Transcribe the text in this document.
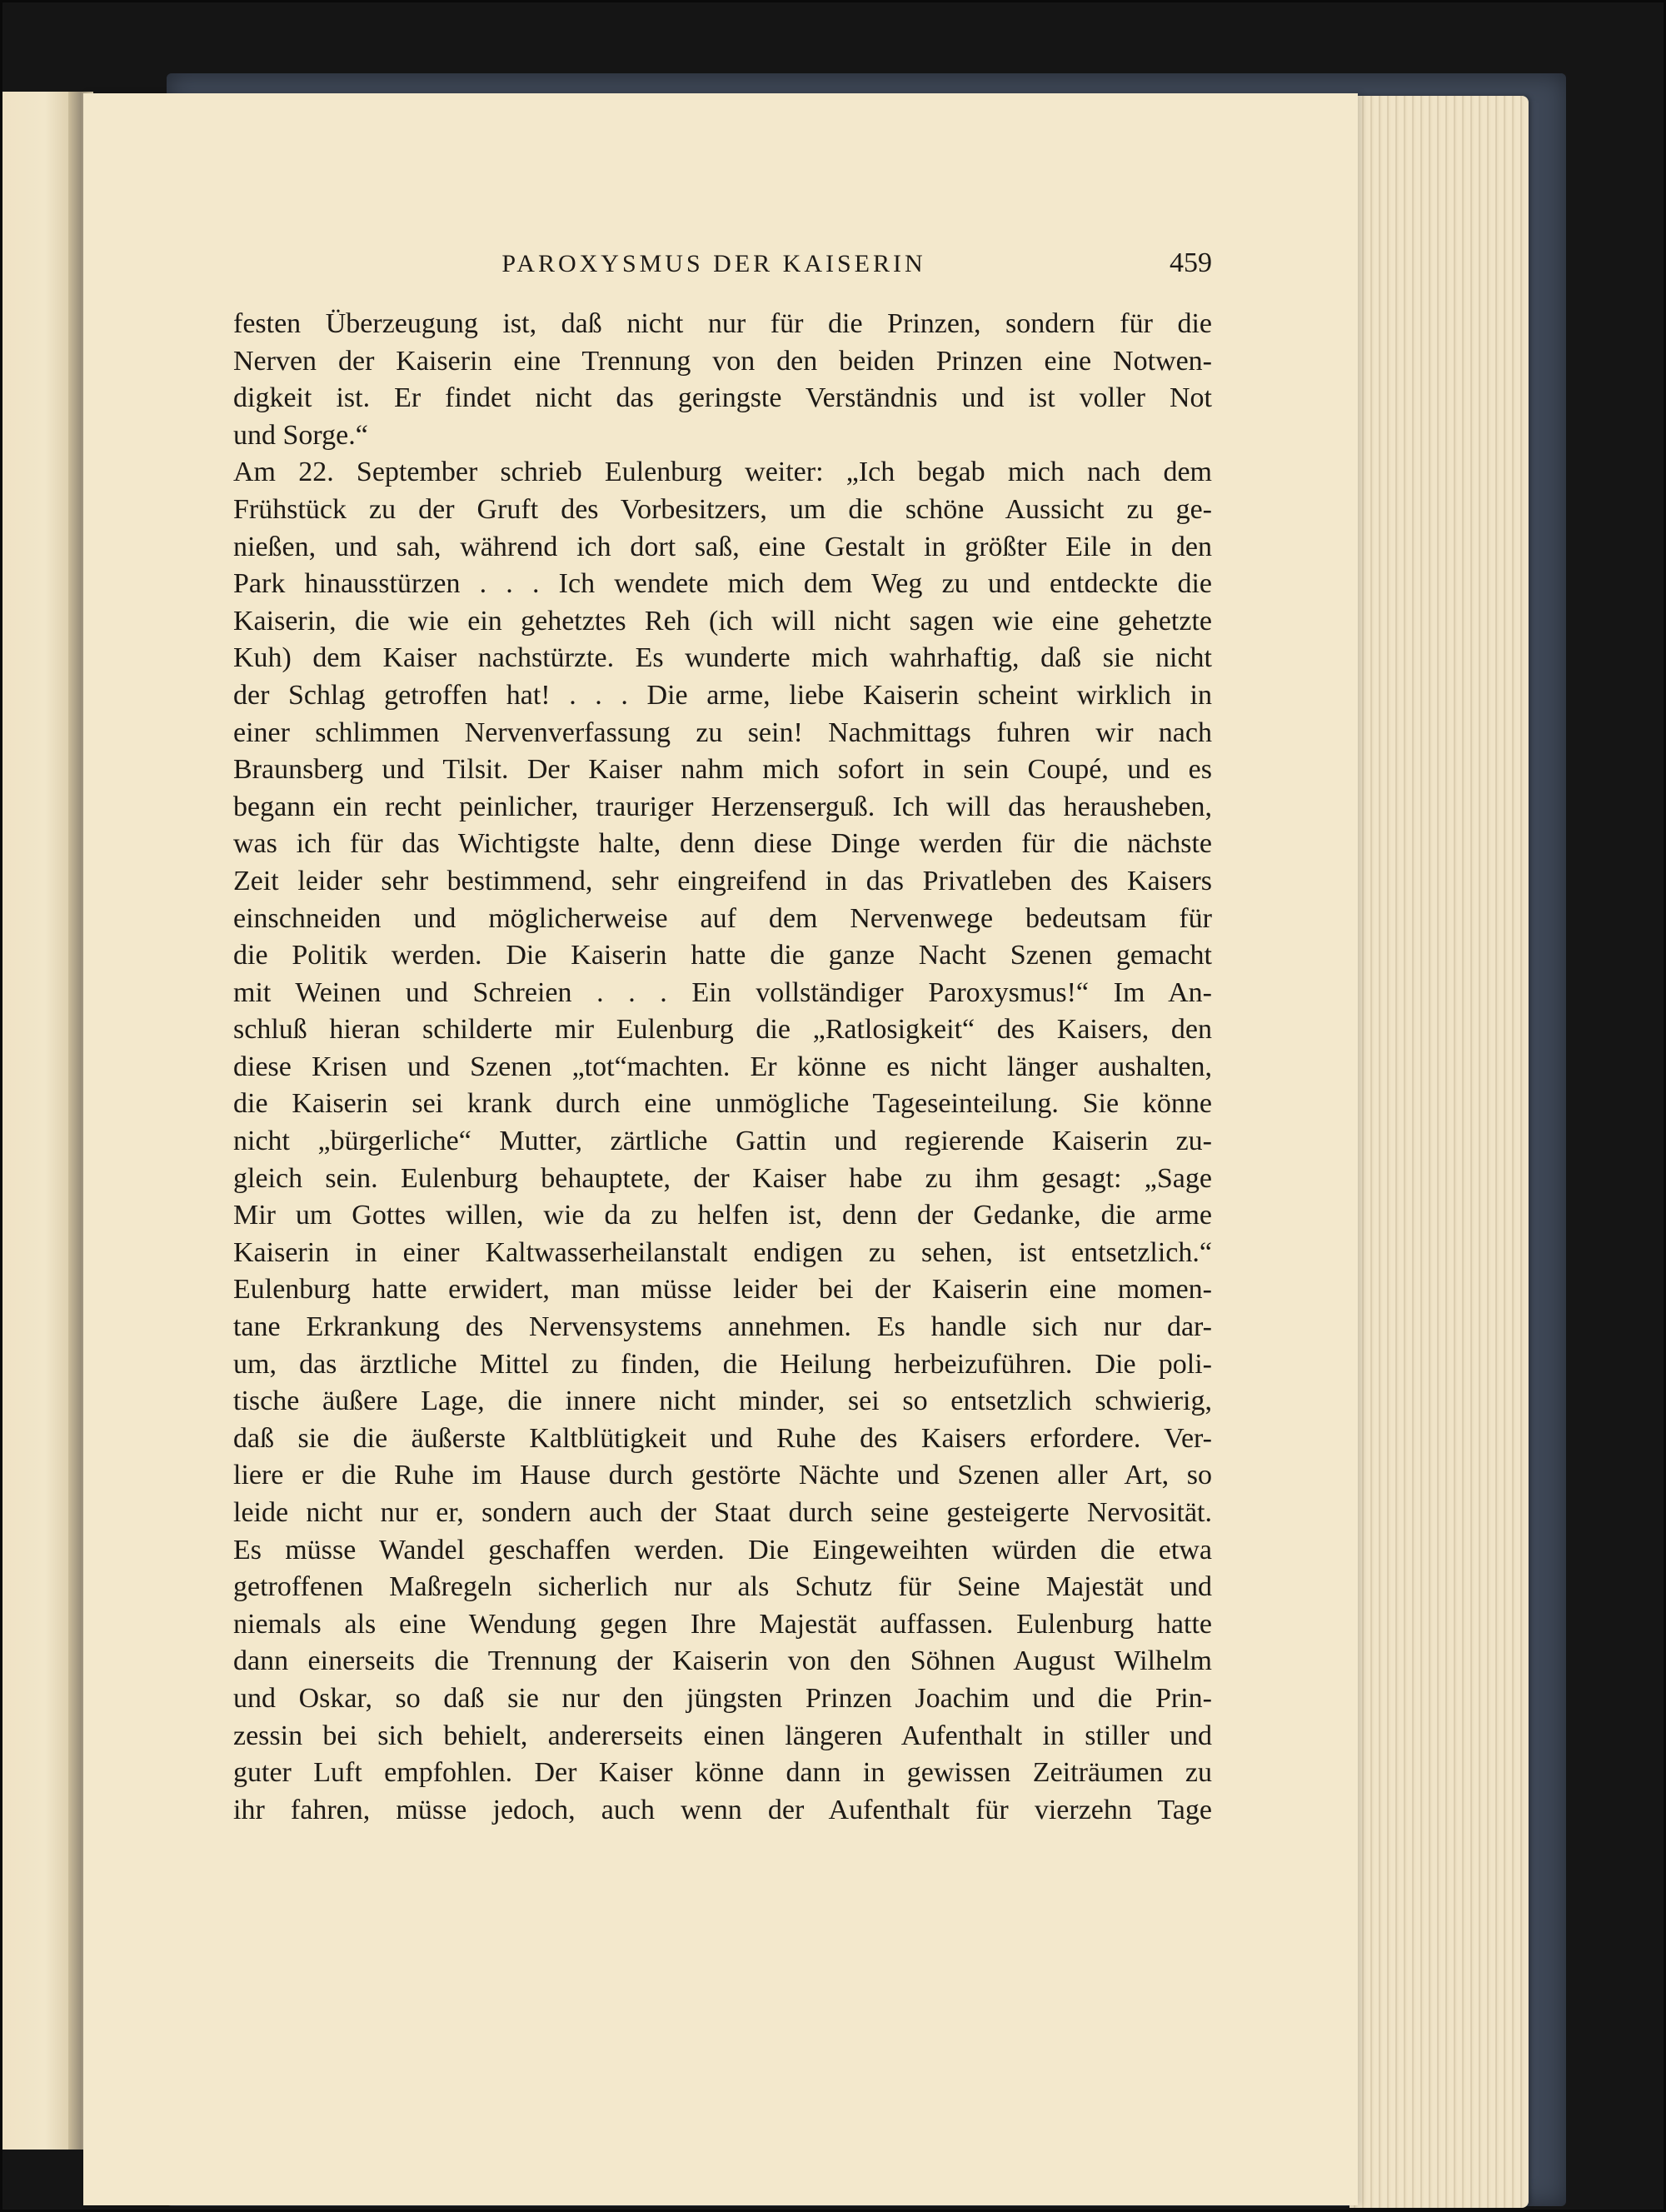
PAROXYSMUS DER KAISERIN	459
festen Überzeugung ist, daß nicht nur für die Prinzen, sondern für die
Nerven der Kaiserin eine Trennung von den beiden Prinzen eine Notwen-
digkeit ist. Er findet nicht das geringste Verständnis und ist voller Not
und Sorge.“
Am 22. September schrieb Eulenburg weiter: „Ich begab mich nach dem
Frühstück zu der Gruft des Vorbesitzers, um die schöne Aussicht zu ge-
nießen, und sah, während ich dort saß, eine Gestalt in größter Eile in den
Park hinausstürzen . . . Ich wendete mich dem Weg zu und entdeckte die
Kaiserin, die wie ein gehetztes Reh (ich will nicht sagen wie eine gehetzte
Kuh) dem Kaiser nachstürzte. Es wunderte mich wahrhaftig, daß sie nicht
der Schlag getroffen hat! . . . Die arme, liebe Kaiserin scheint wirklich in
einer schlimmen Nervenverfassung zu sein! Nachmittags fuhren wir nach
Braunsberg und Tilsit. Der Kaiser nahm mich sofort in sein Coupé, und es
begann ein recht peinlicher, trauriger Herzenserguß. Ich will das herausheben,
was ich für das Wichtigste halte, denn diese Dinge werden für die nächste
Zeit leider sehr bestimmend, sehr eingreifend in das Privatleben des Kaisers
einschneiden und möglicherweise auf dem Nervenwege bedeutsam für
die Politik werden. Die Kaiserin hatte die ganze Nacht Szenen gemacht
mit Weinen und Schreien . . . Ein vollständiger Paroxysmus!“ Im An-
schluß hieran schilderte mir Eulenburg die „Ratlosigkeit“ des Kaisers, den
diese Krisen und Szenen „tot“machten. Er könne es nicht länger aushalten,
die Kaiserin sei krank durch eine unmögliche Tageseinteilung. Sie könne
nicht „bürgerliche“ Mutter, zärtliche Gattin und regierende Kaiserin zu-
gleich sein. Eulenburg behauptete, der Kaiser habe zu ihm gesagt: „Sage
Mir um Gottes willen, wie da zu helfen ist, denn der Gedanke, die arme
Kaiserin in einer Kaltwasserheilanstalt endigen zu sehen, ist entsetzlich.“
Eulenburg hatte erwidert, man müsse leider bei der Kaiserin eine momen-
tane Erkrankung des Nervensystems annehmen. Es handle sich nur dar-
um, das ärztliche Mittel zu finden, die Heilung herbeizuführen. Die poli-
tische äußere Lage, die innere nicht minder, sei so entsetzlich schwierig,
daß sie die äußerste Kaltblütigkeit und Ruhe des Kaisers erfordere. Ver-
liere er die Ruhe im Hause durch gestörte Nächte und Szenen aller Art, so
leide nicht nur er, sondern auch der Staat durch seine gesteigerte Nervosität.
Es müsse Wandel geschaffen werden. Die Eingeweihten würden die etwa
getroffenen Maßregeln sicherlich nur als Schutz für Seine Majestät und
niemals als eine Wendung gegen Ihre Majestät auffassen. Eulenburg hatte
dann einerseits die Trennung der Kaiserin von den Söhnen August Wilhelm
und Oskar, so daß sie nur den jüngsten Prinzen Joachim und die Prin-
zessin bei sich behielt, andererseits einen längeren Aufenthalt in stiller und
guter Luft empfohlen. Der Kaiser könne dann in gewissen Zeiträumen zu
ihr fahren, müsse jedoch, auch wenn der Aufenthalt für vierzehn Tage
